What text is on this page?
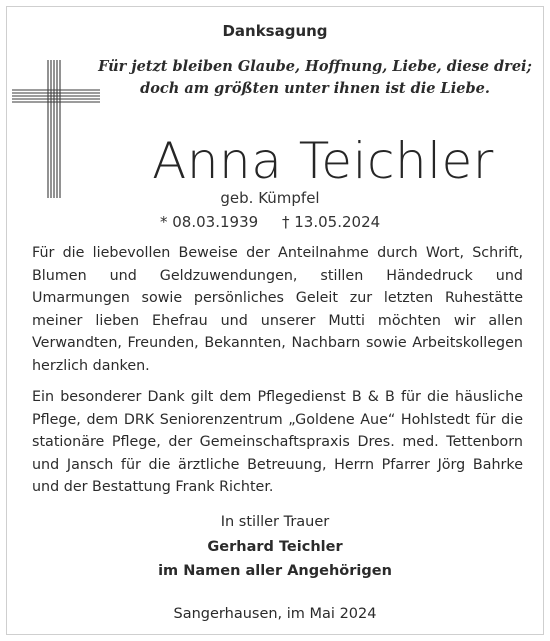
Danksagung
Für jetzt bleiben Glaube, Hoffnung, Liebe, diese drei;
doch am größten unter ihnen ist die Liebe.
Anna Teichler
geb. Kümpfel
* 08.03.1939 † 13.05.2024
Für die liebevollen Beweise der Anteilnahme durch Wort, Schrift, Blumen und Geldzuwendungen, stillen Händedruck und Umarmungen sowie persönliches Geleit zur letzten Ruhestätte meiner lieben Ehefrau und unserer Mutti möchten wir allen Verwandten, Freunden, Bekannten, Nachbarn sowie Arbeitskollegen herzlich danken.
Ein besonderer Dank gilt dem Pflegedienst B & B für die häusliche Pflege, dem DRK Seniorenzentrum „Goldene Aue“ Hohlstedt für die stationäre Pflege, der Gemeinschaftspraxis Dres. med. Tettenborn und Jansch für die ärztliche Betreuung, Herrn Pfarrer Jörg Bahrke und der Bestattung Frank Richter.
In stiller Trauer
Gerhard Teichler
im Namen aller Angehörigen
Sangerhausen, im Mai 2024
